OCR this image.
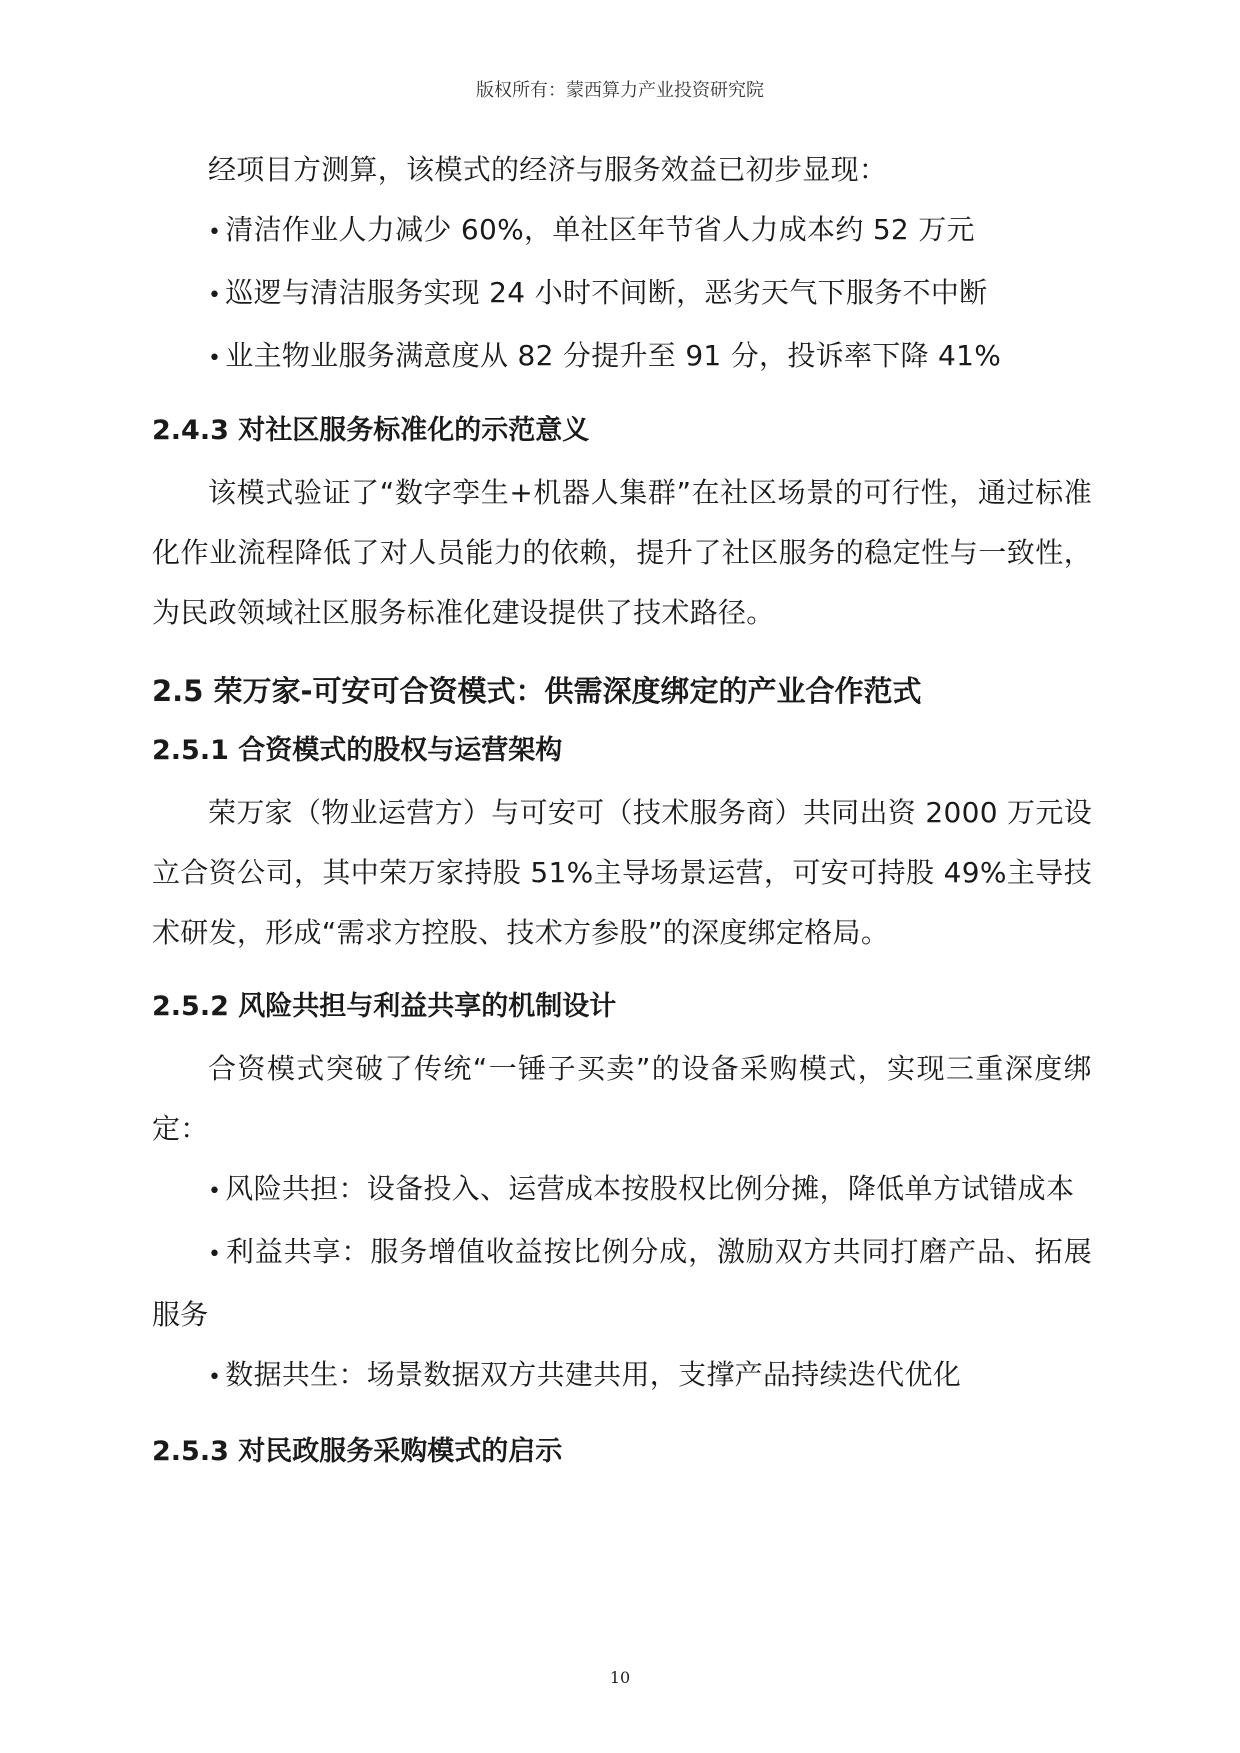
版权所有：蒙西算力产业投资研究院

经项目方测算，该模式的经济与服务效益已初步显现：

• 清洁作业人力减少 60%，单社区年节省人力成本约 52 万元

• 巡逻与清洁服务实现 24 小时不间断，恶劣天气下服务不中断

• 业主物业服务满意度从 82 分提升至 91 分，投诉率下降 41%

2.4.3 对社区服务标准化的示范意义

该模式验证了“数字孪生+机器人集群”在社区场景的可行性，通过标准化作业流程降低了对人员能力的依赖，提升了社区服务的稳定性与一致性，为民政领域社区服务标准化建设提供了技术路径。

2.5 荣万家-可安可合资模式：供需深度绑定的产业合作范式
2.5.1 合资模式的股权与运营架构

荣万家（物业运营方）与可安可（技术服务商）共同出资 2000 万元设立合资公司，其中荣万家持股 51%主导场景运营，可安可持股 49%主导技术研发，形成“需求方控股、技术方参股”的深度绑定格局。

2.5.2 风险共担与利益共享的机制设计

合资模式突破了传统“一锤子买卖”的设备采购模式，实现三重深度绑定：

• 风险共担：设备投入、运营成本按股权比例分摊，降低单方试错成本

• 利益共享：服务增值收益按比例分成，激励双方共同打磨产品、拓展服务

• 数据共生：场景数据双方共建共用，支撑产品持续迭代优化

2.5.3 对民政服务采购模式的启示
10
